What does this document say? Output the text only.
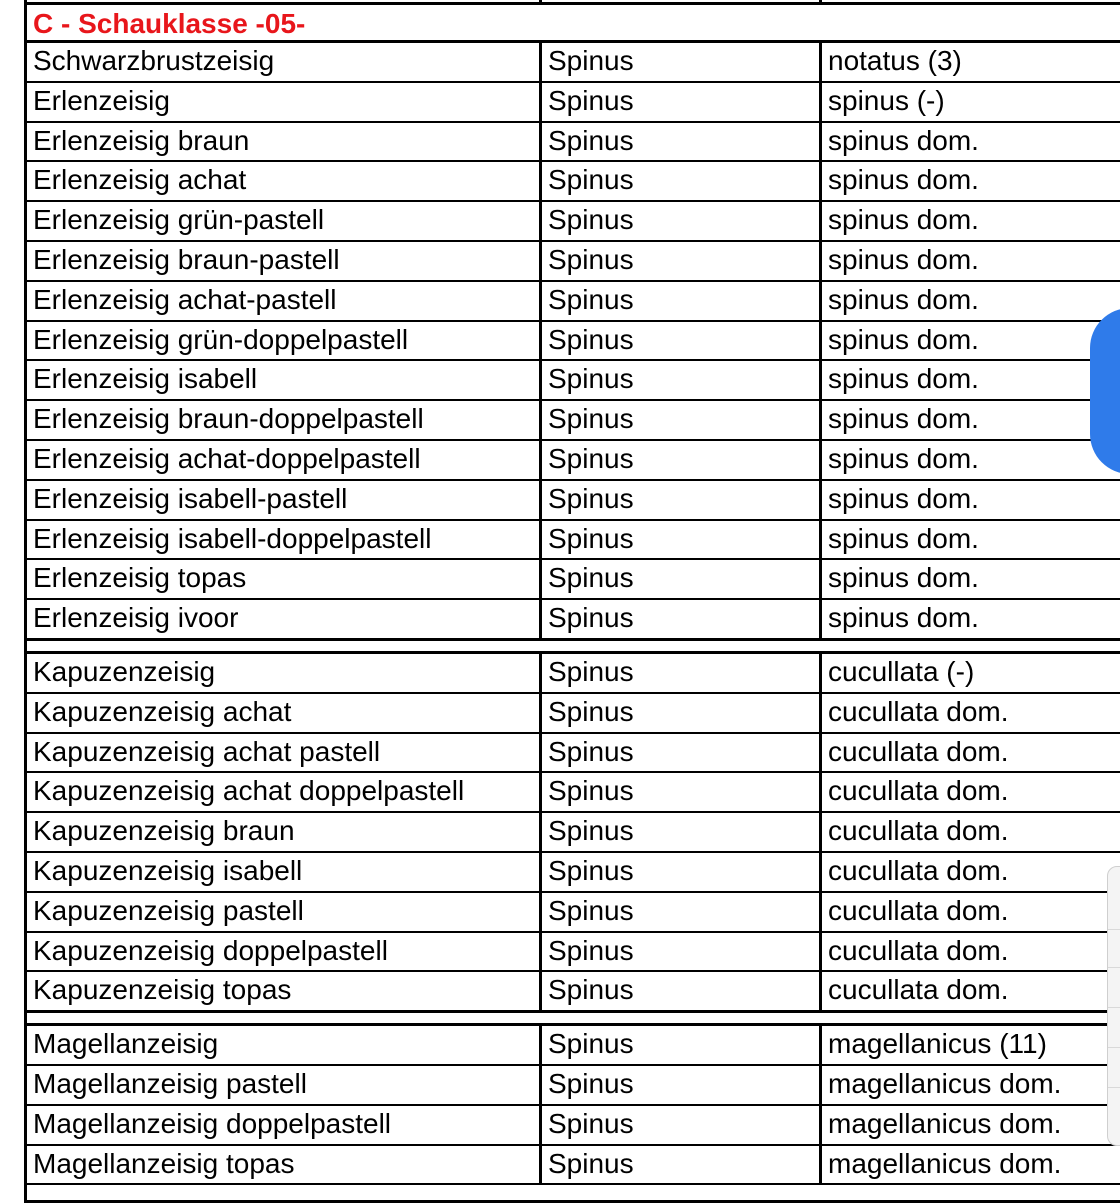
C - Schauklasse -05-
Schwarzbrustzeisig	Spinus	notatus (3)
Erlenzeisig	Spinus	spinus (-)
Erlenzeisig braun	Spinus	spinus dom.
Erlenzeisig achat	Spinus	spinus dom.
Erlenzeisig grün-pastell	Spinus	spinus dom.
Erlenzeisig braun-pastell	Spinus	spinus dom.
Erlenzeisig achat-pastell	Spinus	spinus dom.
Erlenzeisig grün-doppelpastell	Spinus	spinus dom.
Erlenzeisig isabell	Spinus	spinus dom.
Erlenzeisig braun-doppelpastell	Spinus	spinus dom.
Erlenzeisig achat-doppelpastell	Spinus	spinus dom.
Erlenzeisig isabell-pastell	Spinus	spinus dom.
Erlenzeisig isabell-doppelpastell	Spinus	spinus dom.
Erlenzeisig topas	Spinus	spinus dom.
Erlenzeisig ivoor	Spinus	spinus dom.
Kapuzenzeisig	Spinus	cucullata (-)
Kapuzenzeisig achat	Spinus	cucullata dom.
Kapuzenzeisig achat pastell	Spinus	cucullata dom.
Kapuzenzeisig achat doppelpastell	Spinus	cucullata dom.
Kapuzenzeisig braun	Spinus	cucullata dom.
Kapuzenzeisig isabell	Spinus	cucullata dom.
Kapuzenzeisig pastell	Spinus	cucullata dom.
Kapuzenzeisig doppelpastell	Spinus	cucullata dom.
Kapuzenzeisig topas	Spinus	cucullata dom.
Magellanzeisig	Spinus	magellanicus (11)
Magellanzeisig pastell	Spinus	magellanicus dom.
Magellanzeisig doppelpastell	Spinus	magellanicus dom.
Magellanzeisig topas	Spinus	magellanicus dom.
